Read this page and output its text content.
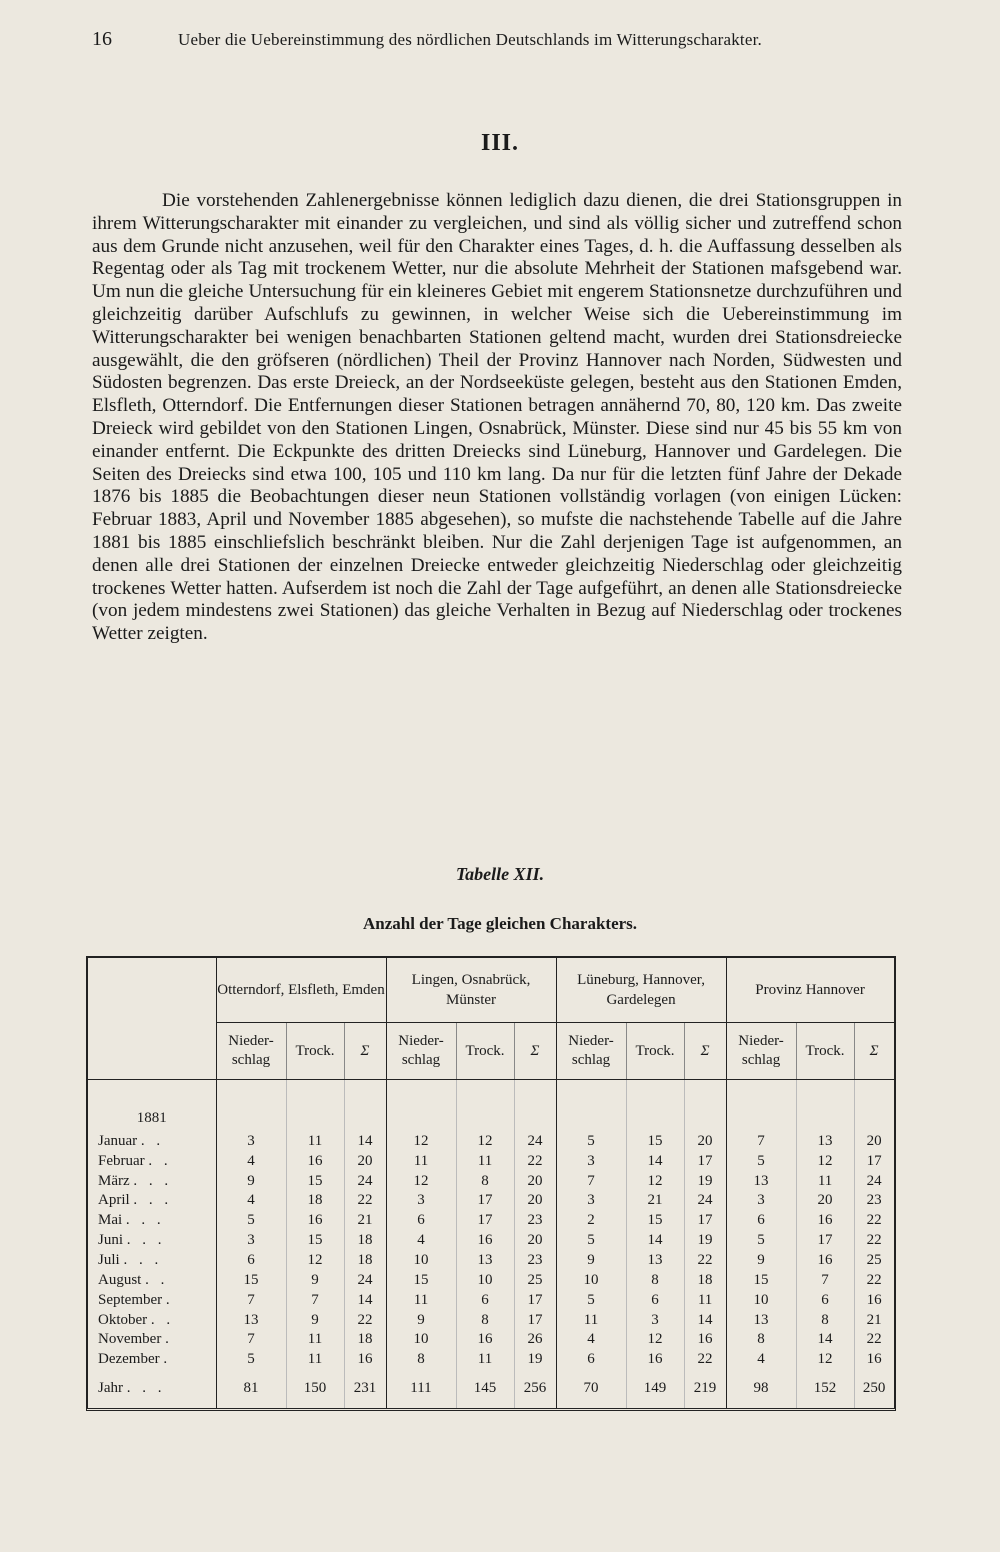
16	Ueber die Uebereinstimmung des nördlichen Deutschlands im Witterungscharakter.
III.

Die vorstehenden Zahlenergebnisse können lediglich dazu dienen, die drei Stationsgruppen in ihrem Witterungscharakter mit einander zu vergleichen, und sind als völlig sicher und zutreffend schon aus dem Grunde nicht anzusehen, weil für den Charakter eines Tages, d. h. die Auffassung desselben als Regentag oder als Tag mit trockenem Wetter, nur die absolute Mehrheit der Stationen mafsgebend war. Um nun die gleiche Untersuchung für ein kleineres Gebiet mit engerem Stationsnetze durchzuführen und gleichzeitig darüber Aufschlufs zu gewinnen, in welcher Weise sich die Uebereinstimmung im Witterungscharakter bei wenigen benachbarten Stationen geltend macht, wurden drei Stationsdreiecke ausgewählt, die den gröfseren (nördlichen) Theil der Provinz Hannover nach Norden, Südwesten und Südosten begrenzen. Das erste Dreieck, an der Nordseeküste gelegen, besteht aus den Stationen Emden, Elsfleth, Otterndorf. Die Entfernungen dieser Stationen betragen annähernd 70, 80, 120 km. Das zweite Dreieck wird gebildet von den Stationen Lingen, Osnabrück, Münster. Diese sind nur 45 bis 55 km von einander entfernt. Die Eckpunkte des dritten Dreiecks sind Lüneburg, Hannover und Gardelegen. Die Seiten des Dreiecks sind etwa 100, 105 und 110 km lang. Da nur für die letzten fünf Jahre der Dekade 1876 bis 1885 die Beobachtungen dieser neun Stationen vollständig vorlagen (von einigen Lücken: Februar 1883, April und November 1885 abgesehen), so mufste die nachstehende Tabelle auf die Jahre 1881 bis 1885 einschliefslich beschränkt bleiben. Nur die Zahl derjenigen Tage ist aufgenommen, an denen alle drei Stationen der einzelnen Dreiecke entweder gleichzeitig Niederschlag oder gleichzeitig trockenes Wetter hatten. Aufserdem ist noch die Zahl der Tage aufgeführt, an denen alle Stationsdreiecke (von jedem mindestens zwei Stationen) das gleiche Verhalten in Bezug auf Niederschlag oder trockenes Wetter zeigten.

Tabelle XII.
Anzahl der Tage gleichen Charakters.
	Otterndorf, Elsfleth, Emden			Lingen, Osnabrück, Münster			Lüneburg, Hannover, Gardelegen			Provinz Hannover		
	Nieder-schlag	Trock.	Σ	Nieder-schlag	Trock.	Σ	Nieder-schlag	Trock.	Σ	Nieder-schlag	Trock.	Σ
1881												
Januar . .	3	11	14	12	12	24	5	15	20	7	13	20
Februar . .	4	16	20	11	11	22	3	14	17	5	12	17
März . . .	9	15	24	12	8	20	7	12	19	13	11	24
April . . .	4	18	22	3	17	20	3	21	24	3	20	23
Mai . . .	5	16	21	6	17	23	2	15	17	6	16	22
Juni . . .	3	15	18	4	16	20	5	14	19	5	17	22
Juli . . .	6	12	18	10	13	23	9	13	22	9	16	25
August . .	15	9	24	15	10	25	10	8	18	15	7	22
September .	7	7	14	11	6	17	5	6	11	10	6	16
Oktober . .	13	9	22	9	8	17	11	3	14	13	8	21
November .	7	11	18	10	16	26	4	12	16	8	14	22
Dezember .	5	11	16	8	11	19	6	16	22	4	12	16
Jahr . . .	81	150	231	111	145	256	70	149	219	98	152	250
